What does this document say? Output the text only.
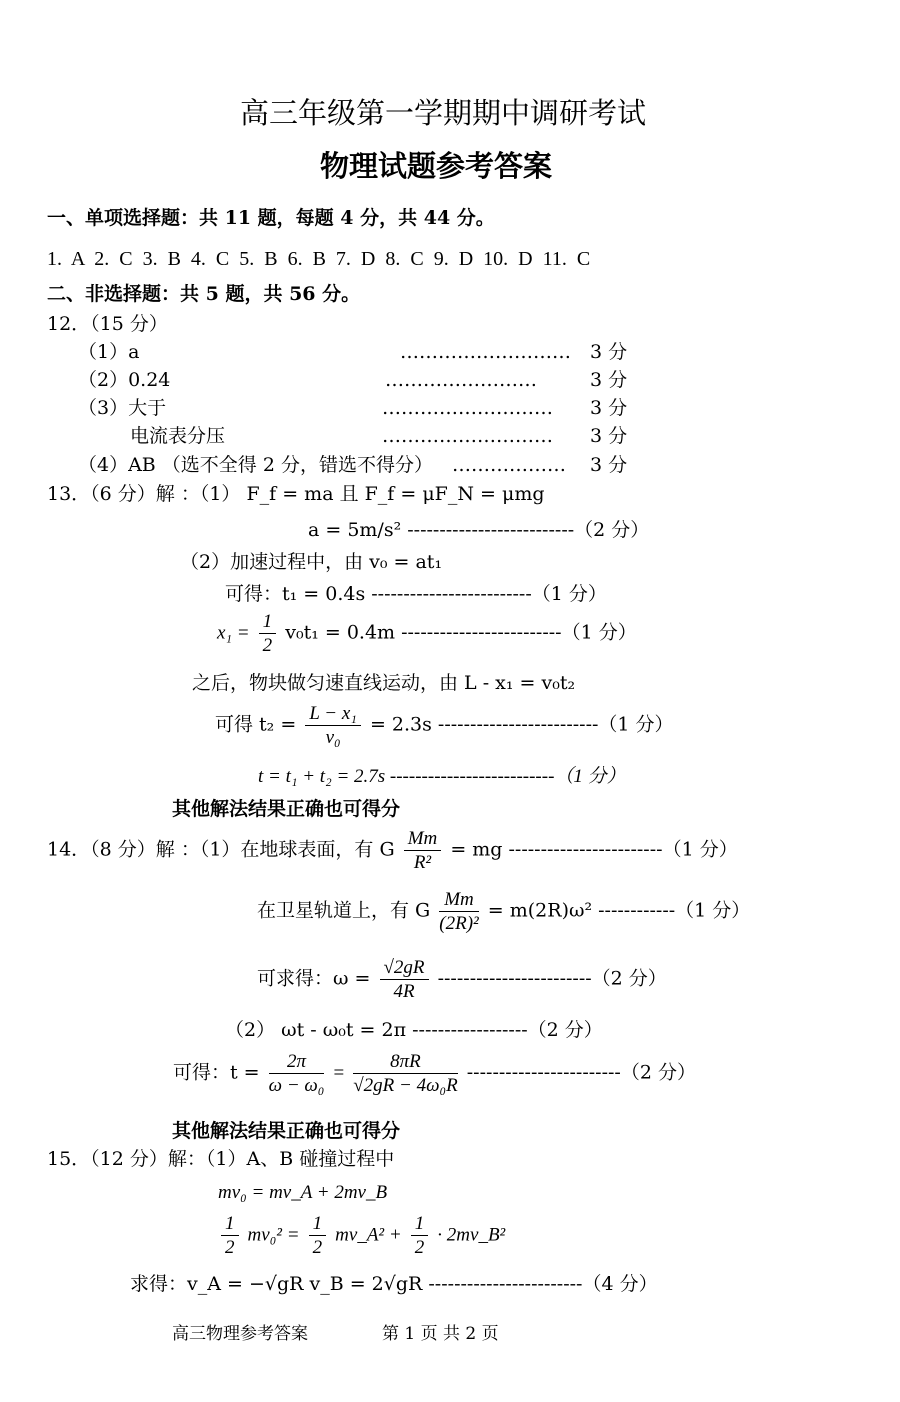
高三年级第一学期期中调研考试
物理试题参考答案
一、单项选择题：共 11 题，每题 4 分，共 44 分。
1. A 2. C 3. B 4. C 5. B 6. B 7. D 8. C 9. D 10. D 11. C
二、非选择题：共 5 题，共 56 分。
12．（15 分）
（1）a	……………………… 3 分
（2）0.24	……………………	3 分
（3）大于	……………………… 3 分
电流表分压	……………………… 3 分
（4）AB （选不全得 2 分，错选不得分） ……………… 3 分
13．（6 分）解 ：（1） F_f = ma 且 F_f = μF_N = μmg
a = 5m/s² --------------------------（2 分）
（2）加速过程中，由 v₀ = at₁
可得：t₁ = 0.4s -------------------------（1 分）
$x_1 = \frac{1}{2} v_0t_1 = 0.4m$ -------------------------（1 分）
之后，物块做匀速直线运动，由 L - x₁ = v₀t₂
可得 $t_2 = \frac{\text{L − x₁}}{\text{v₀}} = 2.3s$ -------------------------（1 分）
t = t₁ + t₂ = 2.7s --------------------------（1 分）
其他解法结果正确也可得分
14．（8 分）解 ：（1）在地球表面，有 G $\frac{Mm}{\text{R²}}$ = mg ------------------------（1 分）
在卫星轨道上，有 G $\frac{Mm}{\text{(2R)²}} = m(2R)\omega^2$ ------------（1 分）
可求得：$\omega = \frac{√2gR}{4R} ------------------------(2$ 分）
（2） ωt - ω₀t = 2π ------------------（2 分）
可得：$t = \frac{2\pi}{\text{ω − ω₀}} = \frac{8\pi R}{\text{√2gR − 4ω₀R}} ------------------------(2$ 分）
其他解法结果正确也可得分
15．（12 分）解：（1）A、B 碰撞过程中
mv₀ = mv_A + 2mv_B
$\frac{1}{2} mv_0^2 = \frac{1}{2}$ mv_A² + $\frac{1}{2}$ · 2mv_B²
求得：v_A = −√gR v_B = 2√gR ------------------------（4 分）
高三物理参考答案	第 1 页 共 2 页
